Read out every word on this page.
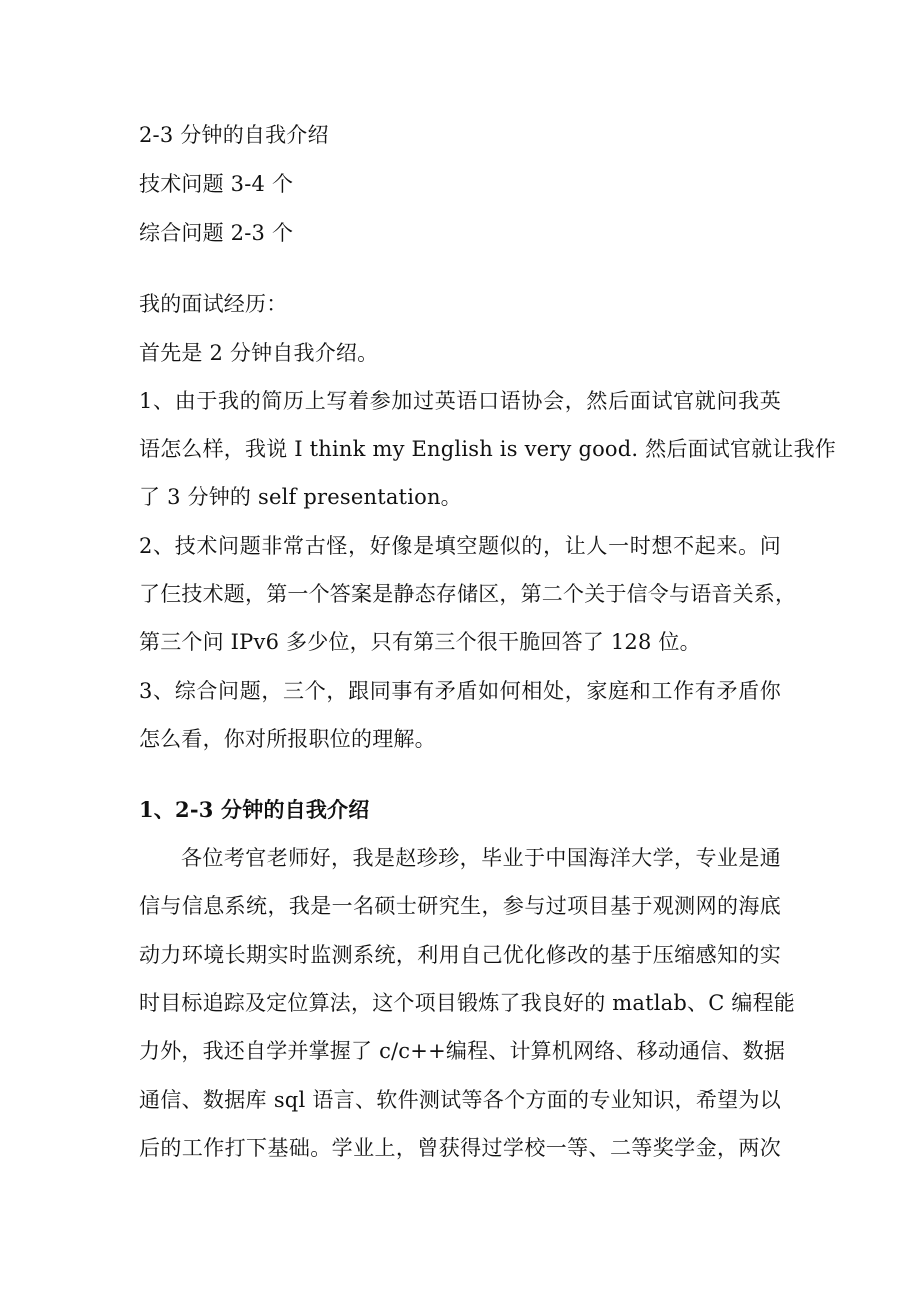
2-3 分钟的自我介绍
技术问题 3-4 个
综合问题 2-3 个
我的面试经历：
首先是 2 分钟自我介绍。
1、由于我的简历上写着参加过英语口语协会，然后面试官就问我英
语怎么样，我说 I think my English is very good. 然后面试官就让我作
了 3 分钟的 self presentation。
2、技术问题非常古怪，好像是填空题似的，让人一时想不起来。问
了仨技术题，第一个答案是静态存储区，第二个关于信令与语音关系，
第三个问 IPv6 多少位，只有第三个很干脆回答了 128 位。
3、综合问题，三个，跟同事有矛盾如何相处，家庭和工作有矛盾你
怎么看，你对所报职位的理解。
1、2-3 分钟的自我介绍
各位考官老师好，我是赵珍珍，毕业于中国海洋大学，专业是通
信与信息系统，我是一名硕士研究生，参与过项目基于观测网的海底
动力环境长期实时监测系统，利用自己优化修改的基于压缩感知的实
时目标追踪及定位算法，这个项目锻炼了我良好的 matlab、C 编程能
力外，我还自学并掌握了 c/c++编程、计算机网络、移动通信、数据
通信、数据库 sql 语言、软件测试等各个方面的专业知识，希望为以
后的工作打下基础。学业上，曾获得过学校一等、二等奖学金，两次
